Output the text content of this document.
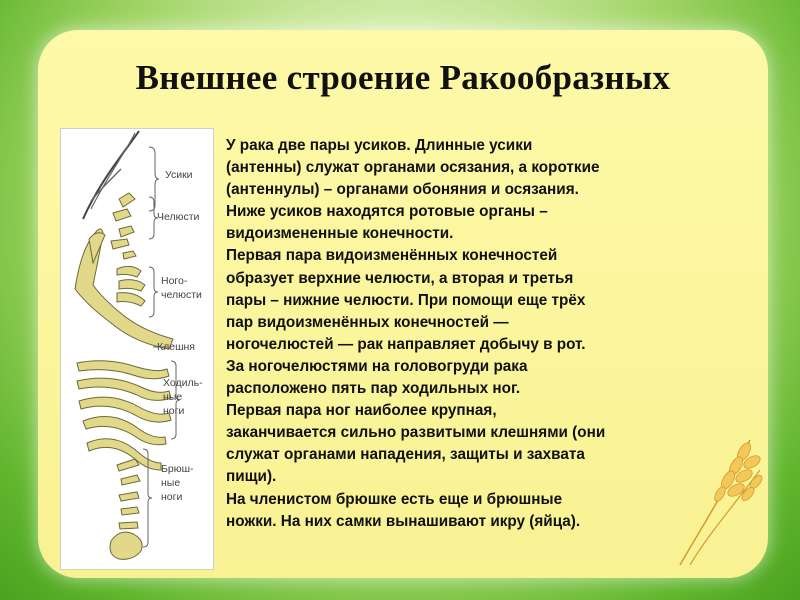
Внешнее строение Ракообразных
Усики
Челюсти
Ного-
челюсти
Клешня
Ходиль-
ные
ноги
Брюш-
ные
ноги

У рака две пары усиков. Длинные усики

(антенны) служат органами осязания, а короткие

(антеннулы) – органами обоняния и осязания.

Ниже усиков находятся ротовые органы –

видоизмененные конечности.

Первая пара видоизменённых конечностей

образует верхние челюсти, а вторая и третья

пары – нижние челюсти. При помощи еще трёх

пар видоизменённых конечностей —

ногочелюстей — рак направляет добычу в рот.

За ногочелюстями на головогруди рака

расположено пять пар ходильных ног.

Первая пара ног наиболее крупная,

заканчивается сильно развитыми клешнями (они

служат органами нападения, защиты и захвата

пищи).

На членистом брюшке есть еще и брюшные

ножки. На них самки вынашивают икру (яйца).
